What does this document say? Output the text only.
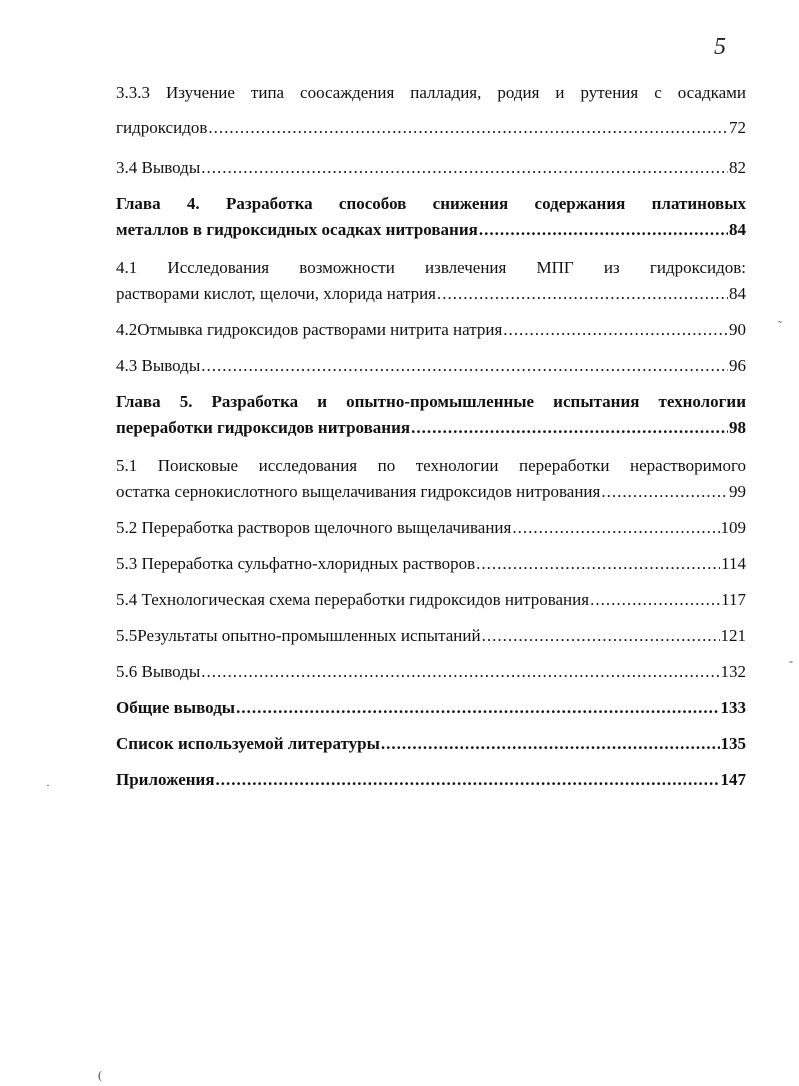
5
3.3.3 Изучение типа соосаждения палладия, родия и рутения с осадками
гидроксидов .....	72
3.4 Выводы .....	82
Глава 4. Разработка способов снижения содержания платиновых
металлов в гидроксидных осадках нитрования .....	84
4.1 Исследования возможности извлечения МПГ из гидроксидов:
растворами кислот, щелочи, хлорида натрия .....	84
4.2Отмывка гидроксидов растворами нитрита натрия .....	90
4.3 Выводы .....	96
Глава 5. Разработка и опытно-промышленные испытания технологии
переработки гидроксидов нитрования .....	98
5.1 Поисковые исследования по технологии переработки нерастворимого
остатка сернокислотного выщелачивания гидроксидов нитрования .....	99
5.2 Переработка растворов щелочного выщелачивания .....	109
5.3 Переработка сульфатно-хлоридных растворов .....	114
5.4 Технологическая схема переработки гидроксидов нитрования .....	117
5.5Результаты опытно-промышленных испытаний .....	121
5.6 Выводы .....	132
Общие выводы .....	133
Список используемой литературы .....	135
Приложения .....	147
˜
-
·
(
